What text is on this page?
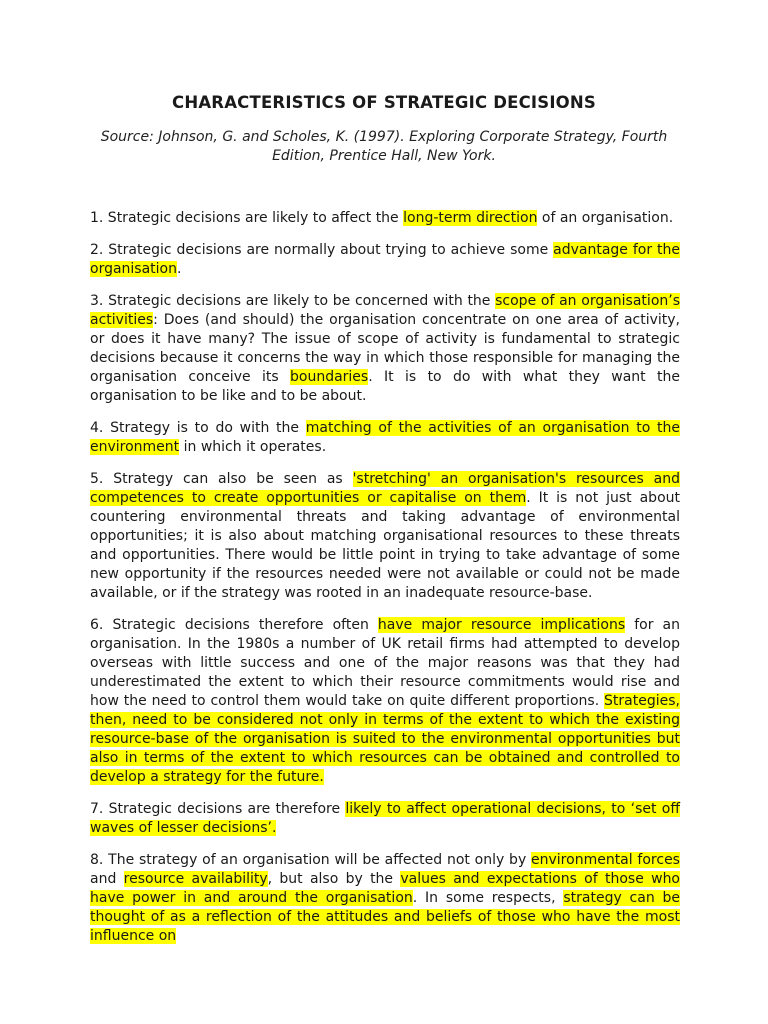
CHARACTERISTICS OF STRATEGIC DECISIONS

Source: Johnson, G. and Scholes, K. (1997). Exploring Corporate Strategy, Fourth Edition, Prentice Hall, New York.

1. Strategic decisions are likely to affect the long-term direction of an organisation.

2. Strategic decisions are normally about trying to achieve some advantage for the organisation.

3. Strategic decisions are likely to be concerned with the scope of an organisation’s activities: Does (and should) the organisation concentrate on one area of activity, or does it have many? The issue of scope of activity is fundamental to strategic decisions because it concerns the way in which those responsible for managing the organisation conceive its boundaries. It is to do with what they want the organisation to be like and to be about.

4. Strategy is to do with the matching of the activities of an organisation to the environment in which it operates.

5. Strategy can also be seen as 'stretching' an organisation's resources and competences to create opportunities or capitalise on them. It is not just about countering environmental threats and taking advantage of environmental opportunities; it is also about matching organisational resources to these threats and opportunities. There would be little point in trying to take advantage of some new opportunity if the resources needed were not available or could not be made available, or if the strategy was rooted in an inadequate resource-base.

6. Strategic decisions therefore often have major resource implications for an organisation. In the 1980s a number of UK retail firms had attempted to develop overseas with little success and one of the major reasons was that they had underestimated the extent to which their resource commitments would rise and how the need to control them would take on quite different proportions. Strategies, then, need to be considered not only in terms of the extent to which the existing resource-base of the organisation is suited to the environmental opportunities but also in terms of the extent to which resources can be obtained and controlled to develop a strategy for the future.

7. Strategic decisions are therefore likely to affect operational decisions, to ‘set off waves of lesser decisions’.

8. The strategy of an organisation will be affected not only by environmental forces and resource availability, but also by the values and expectations of those who have power in and around the organisation. In some respects, strategy can be thought of as a reflection of the attitudes and beliefs of those who have the most influence on
